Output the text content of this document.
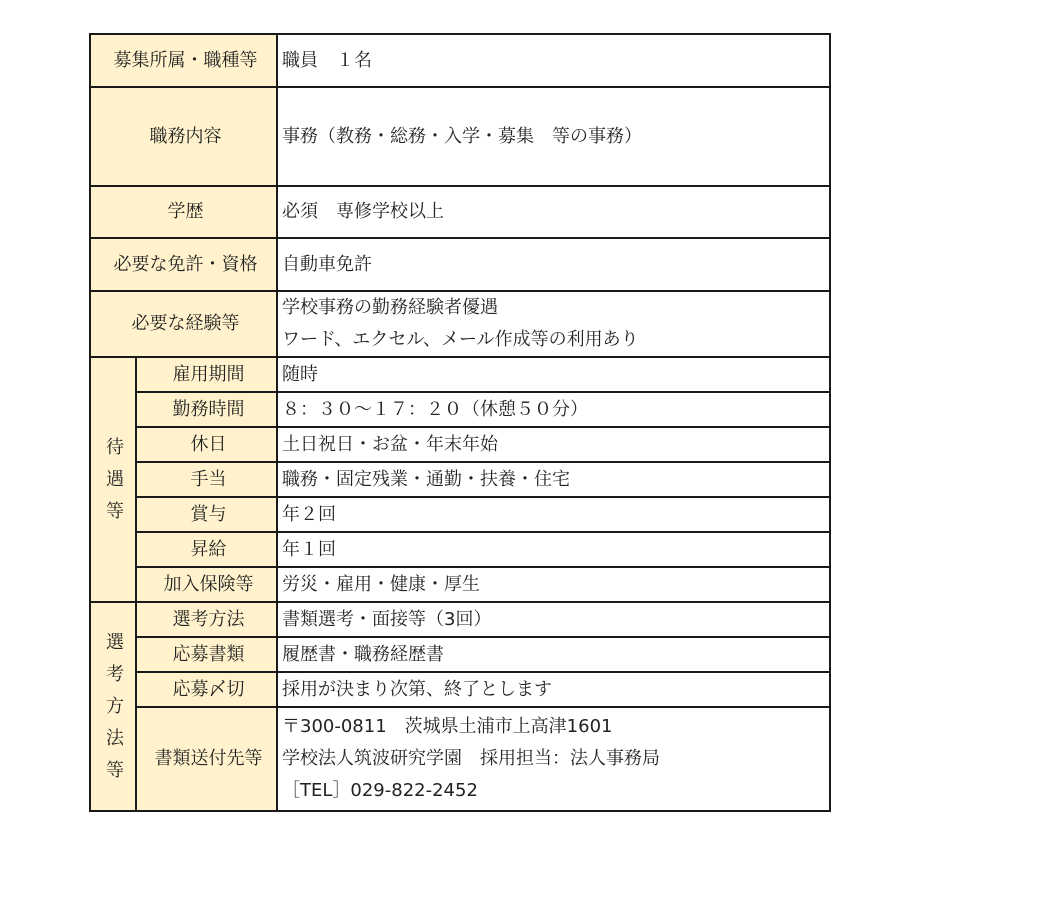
募集所属・職種等		職員　１名
職務内容		事務（教務・総務・入学・募集　等の事務）
学歴		必須　専修学校以上
必要な免許・資格		自動車免許
必要な経験等		学校事務の勤務経験者優遇
ワード、エクセル、メール作成等の利用あり

待
遇
等	雇用期間	随時
	勤務時間	８：３０～１７：２０（休憩５０分）
	休日	土日祝日・お盆・年末年始
	手当	職務・固定残業・通勤・扶養・住宅
	賞与	年２回
	昇給	年１回
	加入保険等	労災・雇用・健康・厚生

選
考
方
法
等	選考方法	書類選考・面接等（3回）
	応募書類	履歴書・職務経歴書
	応募〆切	採用が決まり次第、終了とします
	書類送付先等	〒300-0811　茨城県土浦市上高津1601
学校法人筑波研究学園　採用担当：法人事務局
［TEL］029-822-2452
